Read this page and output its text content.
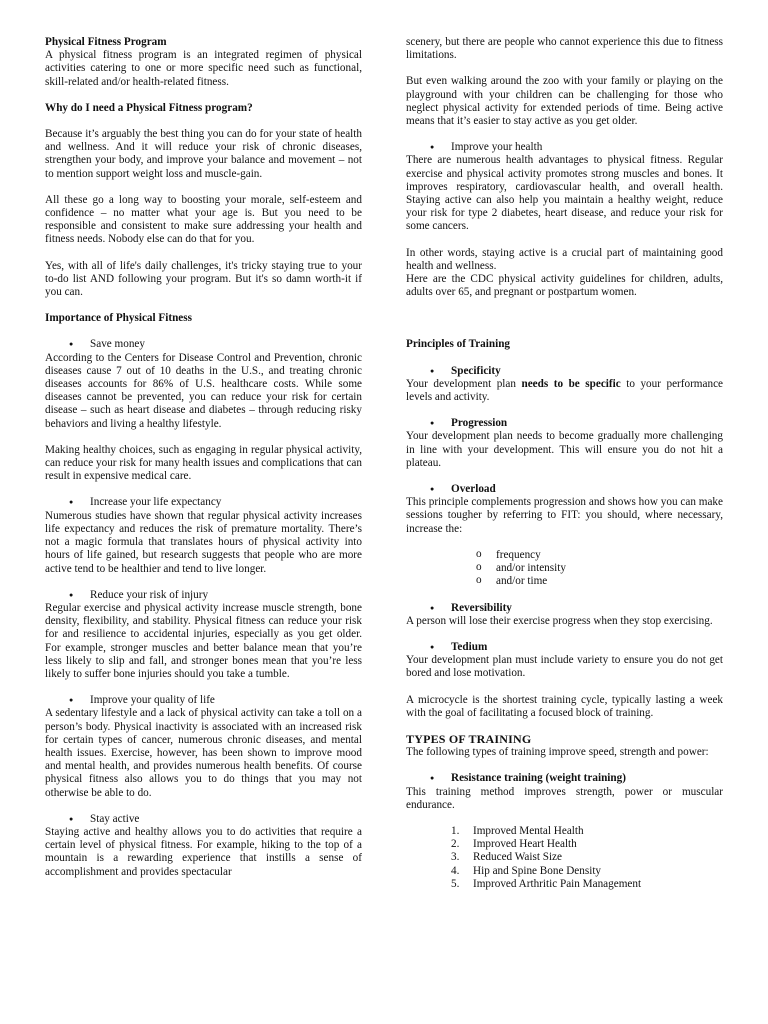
Physical Fitness Program

A physical fitness program is an integrated regimen of physical activities catering to one or more specific need such as functional, skill-related and/or health-related fitness.

Why do I need a Physical Fitness program?

Because it’s arguably the best thing you can do for your state of health and wellness. And it will reduce your risk of chronic diseases, strengthen your body, and improve your balance and movement – not to mention support weight loss and muscle-gain.

All these go a long way to boosting your morale, self-esteem and confidence – no matter what your age is. But you need to be responsible and consistent to make sure addressing your health and fitness needs. Nobody else can do that for you.

Yes, with all of life's daily challenges, it's tricky staying true to your to-do list AND following your program. But it's so damn worth-it if you can.

Importance of Physical Fitness

● Save money

According to the Centers for Disease Control and Prevention, chronic diseases cause 7 out of 10 deaths in the U.S., and treating chronic diseases accounts for 86% of U.S. healthcare costs. While some diseases cannot be prevented, you can reduce your risk for certain disease – such as heart disease and diabetes – through reducing risky behaviors and living a healthy lifestyle.

Making healthy choices, such as engaging in regular physical activity, can reduce your risk for many health issues and complications that can result in expensive medical care.

● Increase your life expectancy

Numerous studies have shown that regular physical activity increases life expectancy and reduces the risk of premature mortality. There’s not a magic formula that translates hours of physical activity into hours of life gained, but research suggests that people who are more active tend to be healthier and tend to live longer.

● Reduce your risk of injury

Regular exercise and physical activity increase muscle strength, bone density, flexibility, and stability. Physical fitness can reduce your risk for and resilience to accidental injuries, especially as you get older. For example, stronger muscles and better balance mean that you’re less likely to slip and fall, and stronger bones mean that you’re less likely to suffer bone injuries should you take a tumble.

● Improve your quality of life

A sedentary lifestyle and a lack of physical activity can take a toll on a person’s body. Physical inactivity is associated with an increased risk for certain types of cancer, numerous chronic diseases, and mental health issues. Exercise, however, has been shown to improve mood and mental health, and provides numerous health benefits. Of course physical fitness also allows you to do things that you may not otherwise be able to do.

● Stay active

Staying active and healthy allows you to do activities that require a certain level of physical fitness. For example, hiking to the top of a mountain is a rewarding experience that instills a sense of accomplishment and provides spectacular

scenery, but there are people who cannot experience this due to fitness limitations.

But even walking around the zoo with your family or playing on the playground with your children can be challenging for those who neglect physical activity for extended periods of time. Being active means that it’s easier to stay active as you get older.

● Improve your health

There are numerous health advantages to physical fitness. Regular exercise and physical activity promotes strong muscles and bones. It improves respiratory, cardiovascular health, and overall health. Staying active can also help you maintain a healthy weight, reduce your risk for type 2 diabetes, heart disease, and reduce your risk for some cancers.

In other words, staying active is a crucial part of maintaining good health and wellness.

Here are the CDC physical activity guidelines for children, adults, adults over 65, and pregnant or postpartum women.

Principles of Training

● Specificity

Your development plan needs to be specific to your performance levels and activity.

● Progression

Your development plan needs to become gradually more challenging in line with your development. This will ensure you do not hit a plateau.

● Overload

This principle complements progression and shows how you can make sessions tougher by referring to FIT: you should, where necessary, increase the:

o frequency

o and/or intensity

o and/or time

● Reversibility

A person will lose their exercise progress when they stop exercising.

● Tedium

Your development plan must include variety to ensure you do not get bored and lose motivation.

A microcycle is the shortest training cycle, typically lasting a week with the goal of facilitating a focused block of training.

TYPES OF TRAINING

The following types of training improve speed, strength and power:

● Resistance training (weight training)

This training method improves strength, power or muscular endurance.

1. Improved Mental Health

2. Improved Heart Health

3. Reduced Waist Size

4. Hip and Spine Bone Density

5. Improved Arthritic Pain Management
